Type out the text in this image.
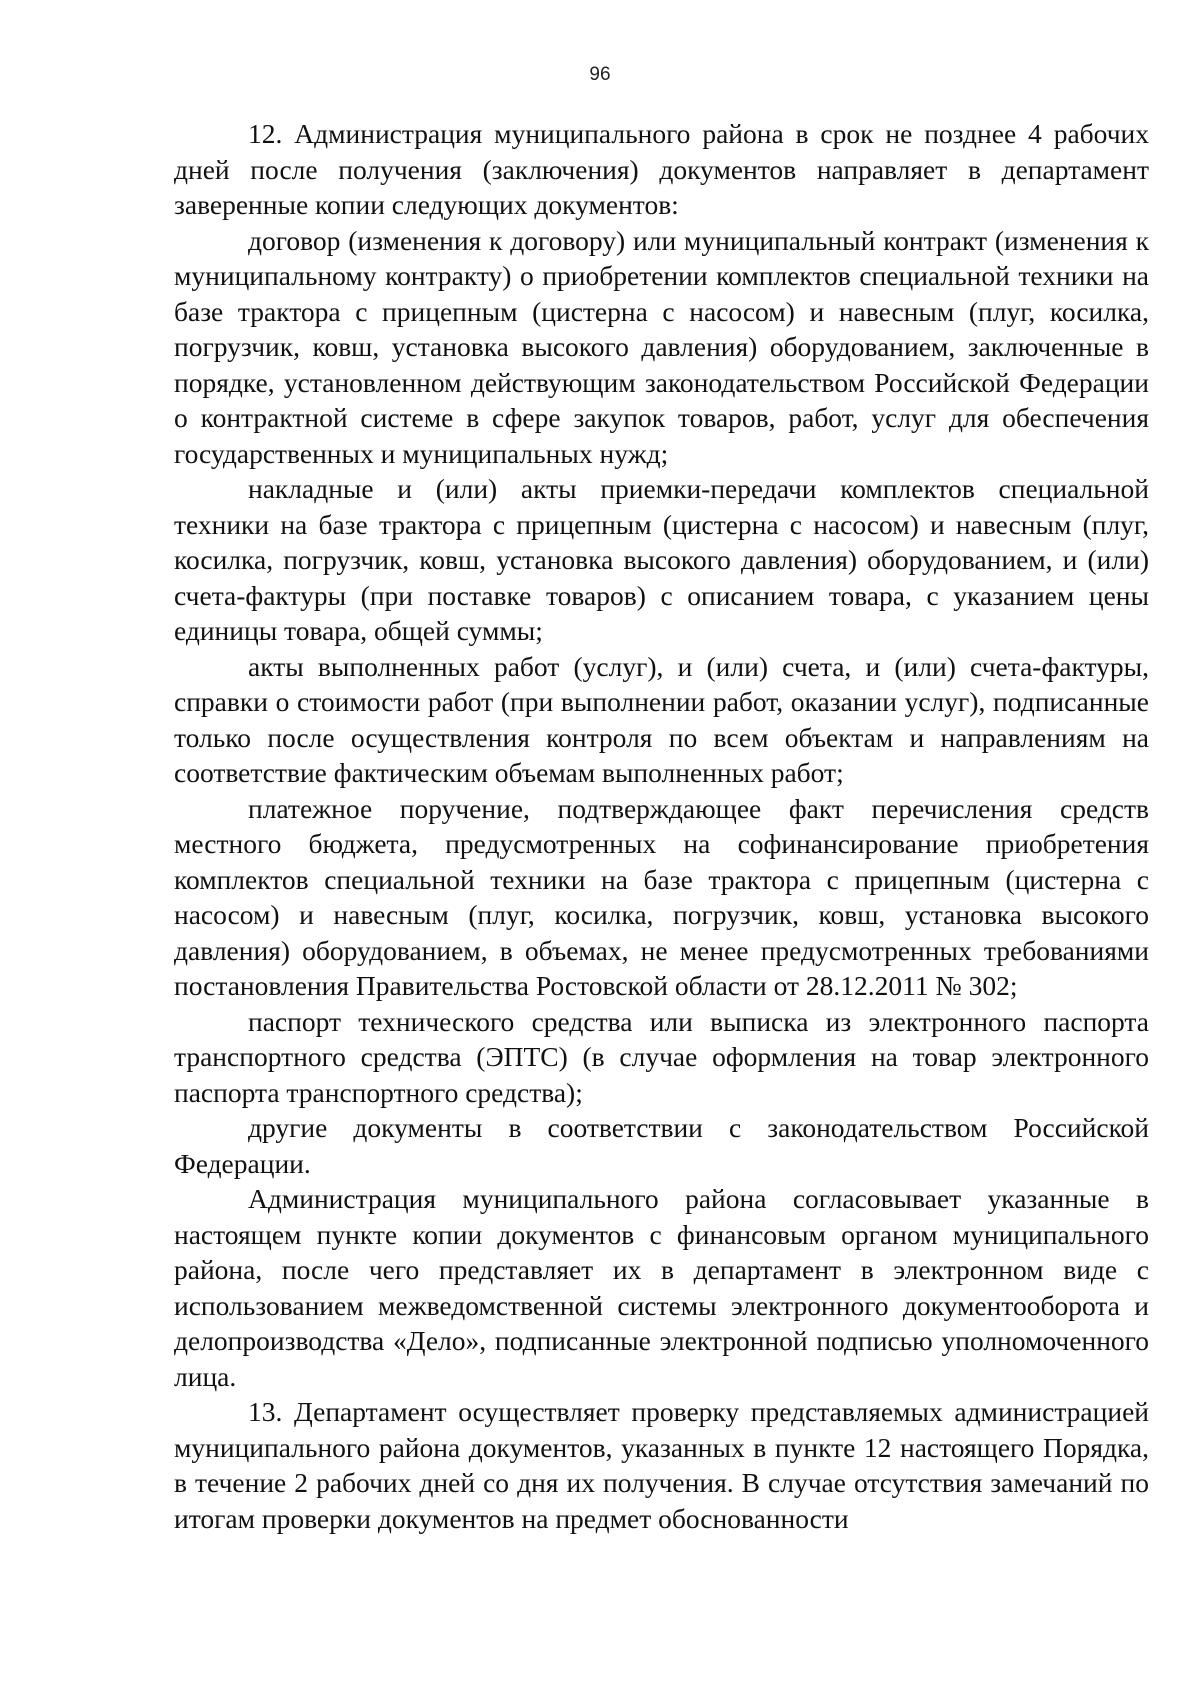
96

12. Администрация муниципального района в срок не позднее 4 рабочих дней после получения (заключения) документов направляет в департамент заверенные копии следующих документов:

договор (изменения к договору) или муниципальный контракт (изменения к муниципальному контракту) о приобретении комплектов специальной техники на базе трактора с прицепным (цистерна с насосом) и навесным (плуг, косилка, погрузчик, ковш, установка высокого давления) оборудованием, заключенные в порядке, установленном действующим законодательством Российской Федерации о контрактной системе в сфере закупок товаров, работ, услуг для обеспечения государственных и муниципальных нужд;

накладные и (или) акты приемки-передачи комплектов специальной техники на базе трактора с прицепным (цистерна с насосом) и навесным (плуг, косилка, погрузчик, ковш, установка высокого давления) оборудованием, и (или) счета-фактуры (при поставке товаров) с описанием товара, с указанием цены единицы товара, общей суммы;

акты выполненных работ (услуг), и (или) счета, и (или) счета-фактуры, справки о стоимости работ (при выполнении работ, оказании услуг), подписанные только после осуществления контроля по всем объектам и направлениям на соответствие фактическим объемам выполненных работ;

платежное поручение, подтверждающее факт перечисления средств местного бюджета, предусмотренных на софинансирование приобретения комплектов специальной техники на базе трактора с прицепным (цистерна с насосом) и навесным (плуг, косилка, погрузчик, ковш, установка высокого давления) оборудованием, в объемах, не менее предусмотренных требованиями постановления Правительства Ростовской области от 28.12.2011 № 302;

паспорт технического средства или выписка из электронного паспорта транспортного средства (ЭПТС) (в случае оформления на товар электронного паспорта транспортного средства);

другие документы в соответствии с законодательством Российской Федерации.

Администрация муниципального района согласовывает указанные в настоящем пункте копии документов с финансовым органом муниципального района, после чего представляет их в департамент в электронном виде с использованием межведомственной системы электронного документооборота и делопроизводства «Дело», подписанные электронной подписью уполномоченного лица.

13. Департамент осуществляет проверку представляемых администрацией муниципального района документов, указанных в пункте 12 настоящего Порядка, в течение 2 рабочих дней со дня их получения. В случае отсутствия замечаний по итогам проверки документов на предмет обоснованности
